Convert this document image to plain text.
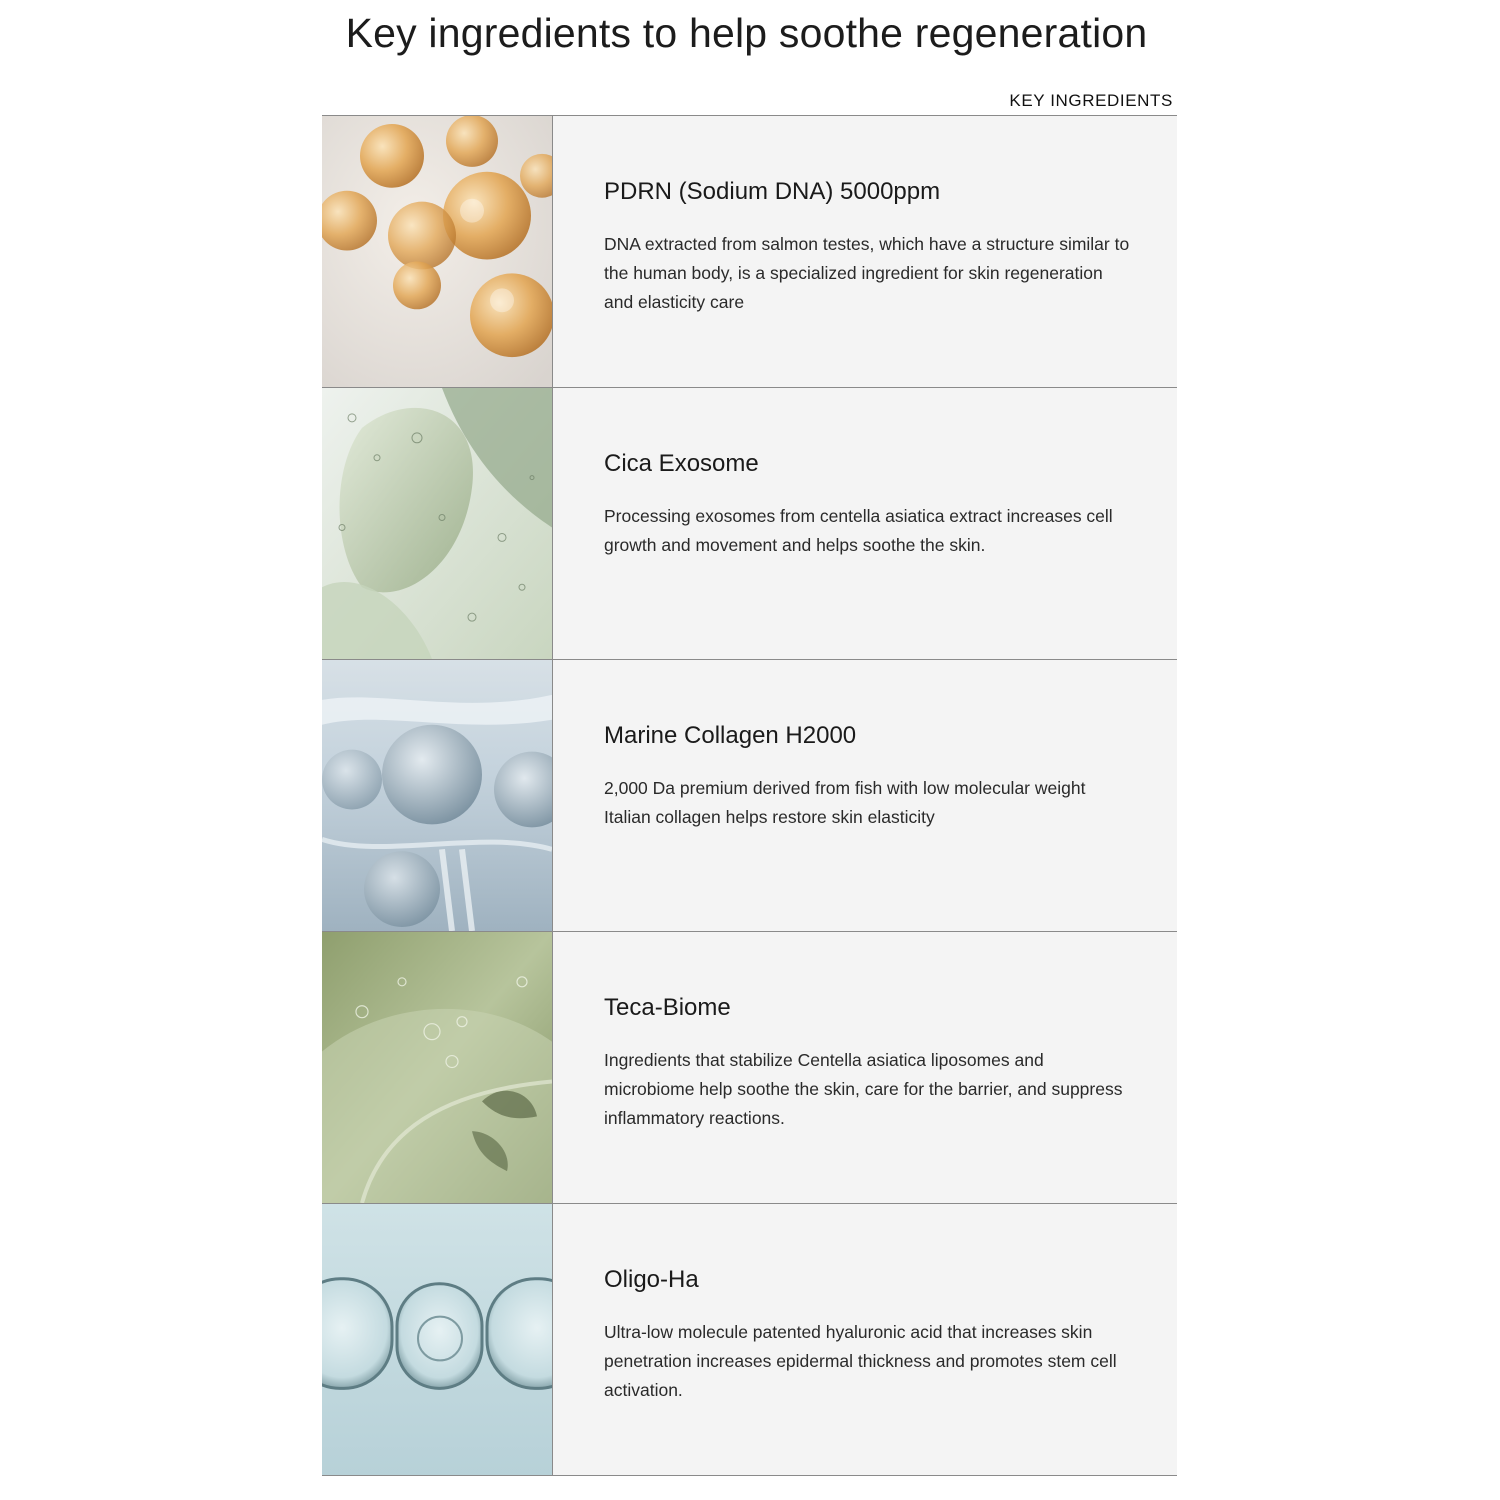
Key ingredients to help soothe regeneration
KEY INGREDIENTS

PDRN (Sodium DNA) 5000ppm

DNA extracted from salmon testes, which have a structure similar to the human body, is a specialized ingredient for skin regeneration and elasticity care

Cica Exosome

Processing exosomes from centella asiatica extract increases cell growth and movement and helps soothe the skin.

Marine Collagen H2000

2,000 Da premium derived from fish with low molecular weight Italian collagen helps restore skin elasticity

Teca-Biome

Ingredients that stabilize Centella asiatica liposomes and microbiome help soothe the skin, care for the barrier, and suppress inflammatory reactions.

Oligo-Ha

Ultra-low molecule patented hyaluronic acid that increases skin penetration increases epidermal thickness and promotes stem cell activation.
